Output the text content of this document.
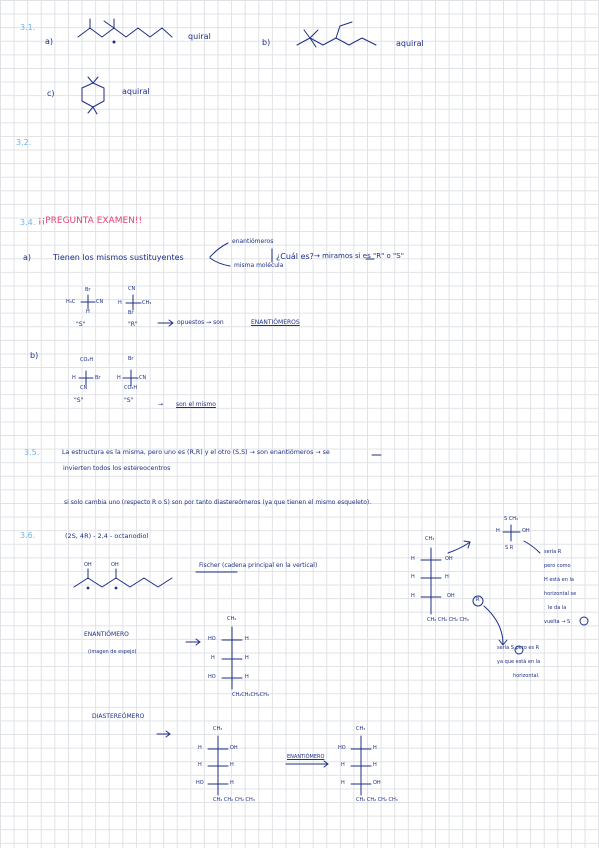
3.1.
a)
quiral
b)	aquiral
c)	aquiral
3.2.
3.4. ¡¡PREGUNTA EXAMEN!!
a)	Tienen los mismos sustituyentes
enantiómeros
misma molécula
¿Cuál es? → miramos si es "R" o "S"
Br
H₃C	CN
H
"S"
CN
H	CH₃
Br
"R"	opuestos → son	ENANTIÓMEROS
b)	CO₂H
H	Br
CN
"S"
Br
H	CN
CO₂H
"S"
→ son el mismo
3.5.	La estructura es la misma, pero uno es (R,R) y el otro (S,S) → son enantiómeros → se
invierten todos los estereocentros
si solo cambia uno (respecto R o S) son por tanto diastereómeros (ya que tienen el mismo esqueleto).
3.6.	(2S, 4R) - 2,4 - octanodiol
OH	OH	Fischer (cadena principal en la vertical)
CH₃
H	OH
H	H
H	OH
R
CH₂ CH₂ CH₂ CH₃
S CH₃
H	OH
S R
sería R
pero como
H está en la
horizontal se
le da la
vuelta → S
sería S pero es R
ya que está en la
horizontal.
ENANTIÓMERO
(imagen de espejo)
CH₃
HO	H
H	H
HO	H
CH₂CH₂CH₂CH₃
DIASTEREÓMERO
CH₃
H	OH
H	H
HO	H
CH₂ CH₂ CH₂ CH₃
ENANTIÓMERO
CH₃
HO	H
H	H
H	OH
CH₂ CH₂ CH₂ CH₃
